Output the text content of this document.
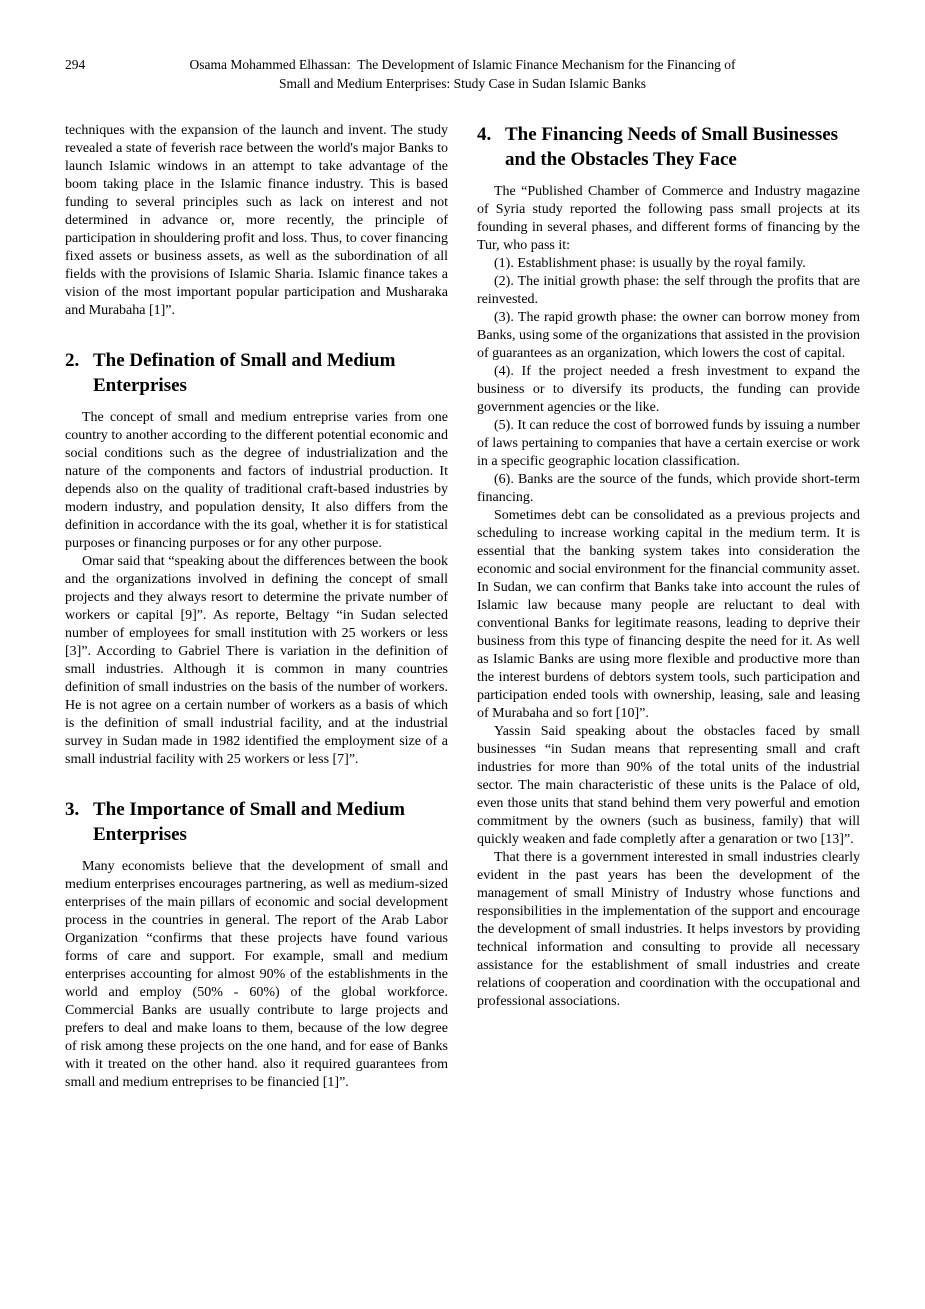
294	Osama Mohammed Elhassan:  The Development of Islamic Finance Mechanism for the Financing of
Small and Medium Enterprises: Study Case in Sudan Islamic Banks

techniques with the expansion of the launch and invent. The study revealed a state of feverish race between the world's major Banks to launch Islamic windows in an attempt to take advantage of the boom taking place in the Islamic finance industry. This is based funding to several principles such as lack on interest and not determined in advance or, more recently, the principle of participation in shouldering profit and loss. Thus, to cover financing fixed assets or business assets, as well as the subordination of all fields with the provisions of Islamic Sharia. Islamic finance takes a vision of the most important popular participation and Musharaka and Murabaha [1]”.

2. The Defination of Small and Medium Enterprises

The concept of small and medium entreprise varies from one country to another according to the different potential economic and social conditions such as the degree of industrialization and the nature of the components and factors of industrial production. It depends also on the quality of traditional craft-based industries by modern industry, and population density, It also differs from the definition in accordance with the its goal, whether it is for statistical purposes or financing purposes or for any other purpose.

Omar said that “speaking about the differences between the book and the organizations involved in defining the concept of small projects and they always resort to determine the private number of workers or capital [9]”. As reporte, Beltagy “in Sudan selected number of employees for small institution with 25 workers or less [3]”. According to Gabriel There is variation in the definition of small industries. Although it is common in many countries definition of small industries on the basis of the number of workers. He is not agree on a certain number of workers as a basis of which is the definition of small industrial facility, and at the industrial survey in Sudan made in 1982 identified the employment size of a small industrial facility with 25 workers or less [7]”.

3. The Importance of Small and Medium Enterprises

Many economists believe that the development of small and medium enterprises encourages partnering, as well as medium-sized enterprises of the main pillars of economic and social development process in the countries in general. The report of the Arab Labor Organization “confirms that these projects have found various forms of care and support. For example, small and medium enterprises accounting for almost 90% of the establishments in the world and employ (50% - 60%) of the global workforce. Commercial Banks are usually contribute to large projects and prefers to deal and make loans to them, because of the low degree of risk among these projects on the one hand, and for ease of Banks with it treated on the other hand. also it required guarantees from small and medium entreprises to be financied [1]”.

4. The Financing Needs of Small Businesses and the Obstacles They Face

The “Published Chamber of Commerce and Industry magazine of Syria study reported the following pass small projects at its founding in several phases, and different forms of financing by the Tur, who pass it:

(1). Establishment phase: is usually by the royal family.

(2). The initial growth phase: the self through the profits that are reinvested.

(3). The rapid growth phase: the owner can borrow money from Banks, using some of the organizations that assisted in the provision of guarantees as an organization, which lowers the cost of capital.

(4). If the project needed a fresh investment to expand the business or to diversify its products, the funding can provide government agencies or the like.

(5). It can reduce the cost of borrowed funds by issuing a number of laws pertaining to companies that have a certain exercise or work in a specific geographic location classification.

(6). Banks are the source of the funds, which provide short-term financing.

Sometimes debt can be consolidated as a previous projects and scheduling to increase working capital in the medium term. It is essential that the banking system takes into consideration the economic and social environment for the financial community asset. In Sudan, we can confirm that Banks take into account the rules of Islamic law because many people are reluctant to deal with conventional Banks for legitimate reasons, leading to deprive their business from this type of financing despite the need for it. As well as Islamic Banks are using more flexible and productive more than the interest burdens of debtors system tools, such participation and participation ended tools with ownership, leasing, sale and leasing of Murabaha and so fort [10]”.

Yassin Said speaking about the obstacles faced by small businesses “in Sudan means that representing small and craft industries for more than 90% of the total units of the industrial sector. The main characteristic of these units is the Palace of old, even those units that stand behind them very powerful and emotion commitment by the owners (such as business, family) that will quickly weaken and fade completly after a genaration or two [13]”.

That there is a government interested in small industries clearly evident in the past years has been the development of the management of small Ministry of Industry whose functions and responsibilities in the implementation of the support and encourage the development of small industries. It helps investors by providing technical information and consulting to provide all necessary assistance for the establishment of small industries and create relations of cooperation and coordination with the occupational and professional associations.
